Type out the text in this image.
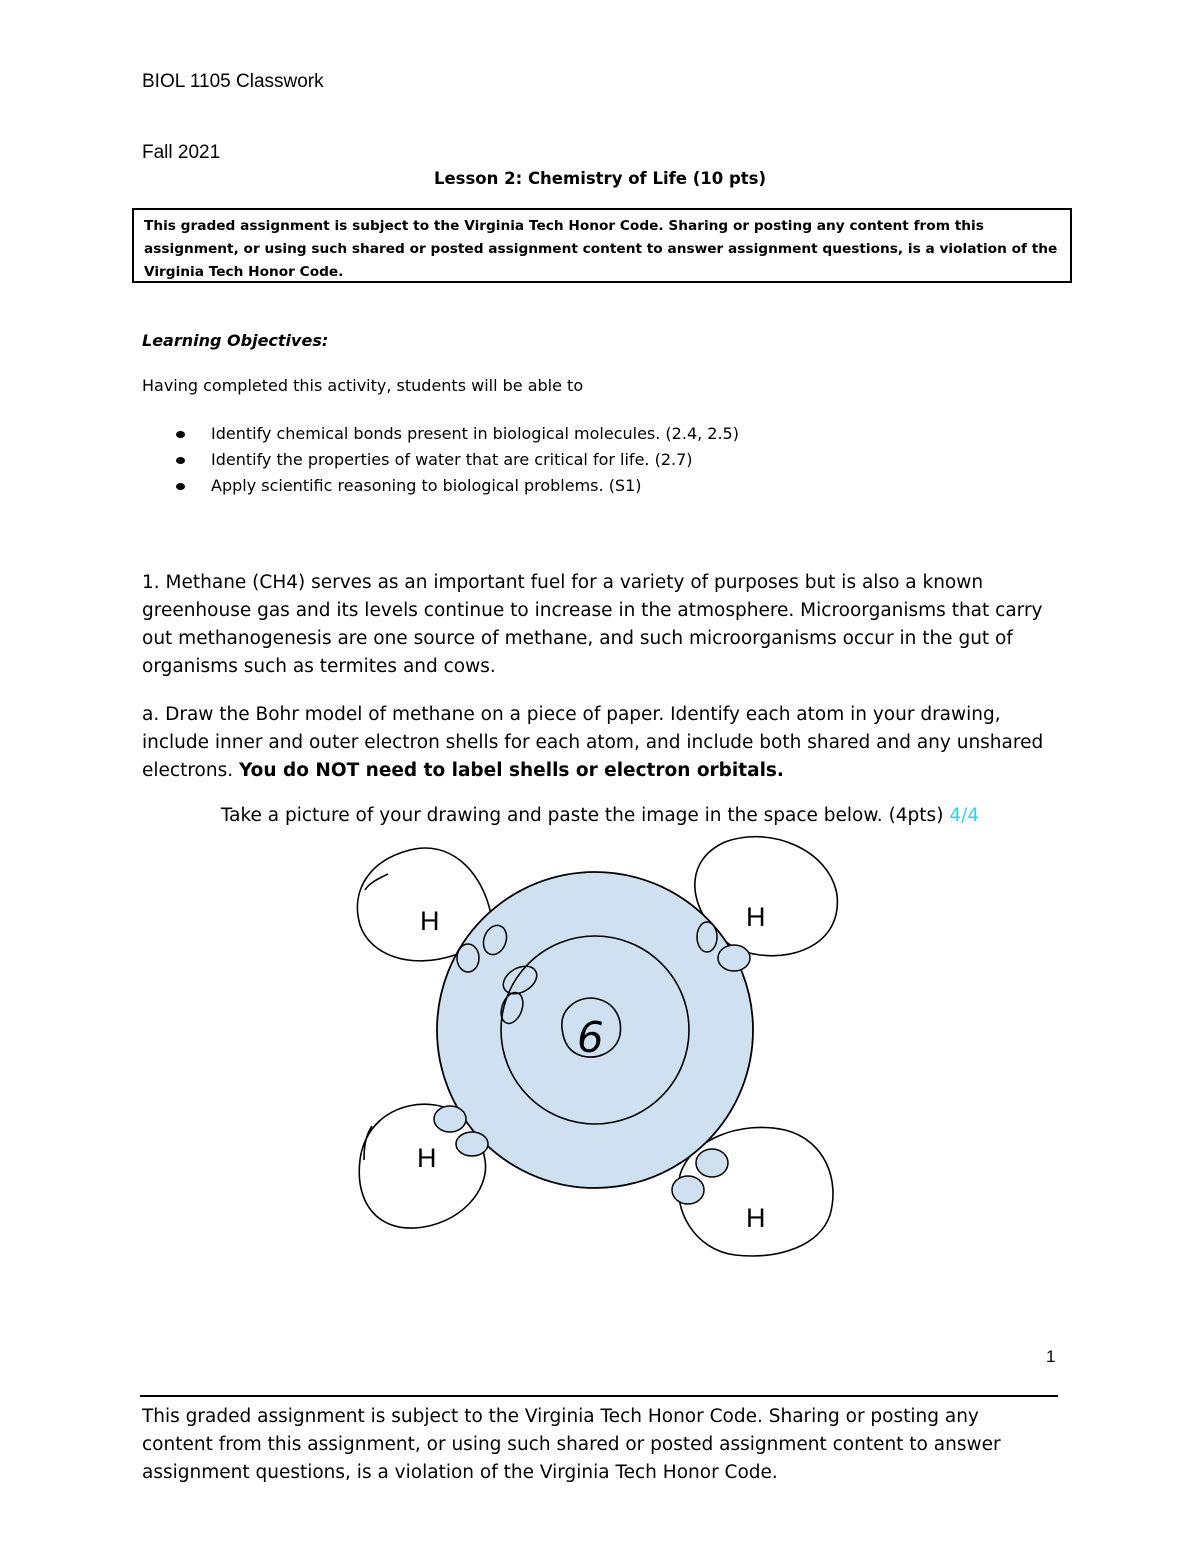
BIOL 1105 Classwork
Fall 2021
Lesson 2: Chemistry of Life (10 pts)
This graded assignment is subject to the Virginia Tech Honor Code. Sharing or posting any content from this assignment, or using such shared or posted assignment content to answer assignment questions, is a violation of the Virginia Tech Honor Code.
Learning Objectives:
Having completed this activity, students will be able to
Identify chemical bonds present in biological molecules. (2.4, 2.5)
Identify the properties of water that are critical for life. (2.7)
Apply scientific reasoning to biological problems. (S1)
1. Methane (CH4) serves as an important fuel for a variety of purposes but is also a known greenhouse gas and its levels continue to increase in the atmosphere. Microorganisms that carry out methanogenesis are one source of methane, and such microorganisms occur in the gut of organisms such as termites and cows.
a. Draw the Bohr model of methane on a piece of paper. Identify each atom in your drawing, include inner and outer electron shells for each atom, and include both shared and any unshared electrons. You do NOT need to label shells or electron orbitals.
Take a picture of your drawing and paste the image in the space below. (4pts) 4/4
6
H	H
H
H
1
This graded assignment is subject to the Virginia Tech Honor Code. Sharing or posting any content from this assignment, or using such shared or posted assignment content to answer assignment questions, is a violation of the Virginia Tech Honor Code.
